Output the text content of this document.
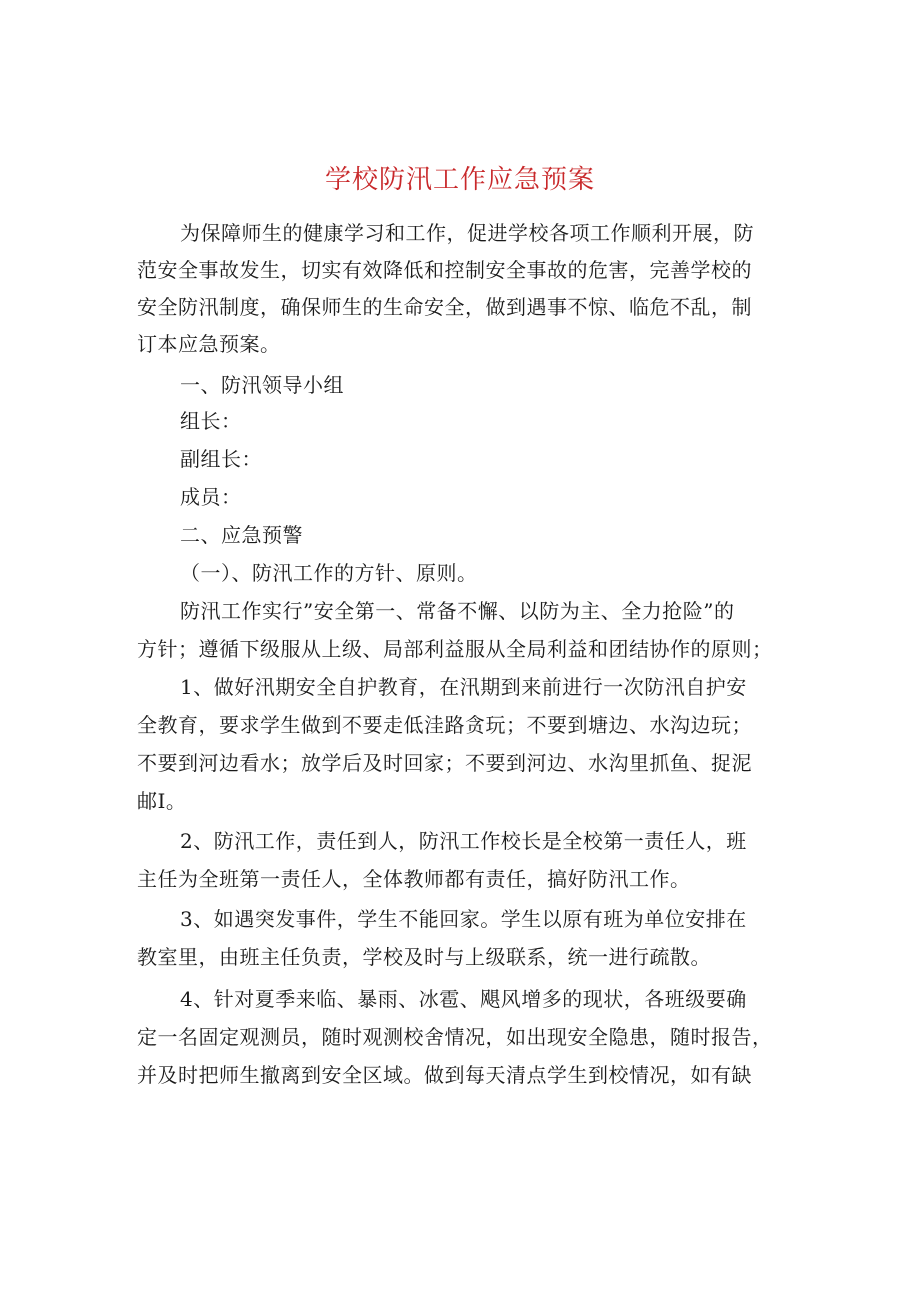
学校防汛工作应急预案
为保障师生的健康学习和工作，促进学校各项工作顺利开展，防
范安全事故发生，切实有效降低和控制安全事故的危害，完善学校的
安全防汛制度，确保师生的生命安全，做到遇事不惊、临危不乱，制
订本应急预案。
一、防汛领导小组
组长：
副组长：
成员：
二、应急预警
（一）、防汛工作的方针、原则。
防汛工作实行”安全第一、常备不懈、以防为主、全力抢险”的
方针；遵循下级服从上级、局部利益服从全局利益和团结协作的原则；
1、做好汛期安全自护教育，在汛期到来前进行一次防汛自护安
全教育，要求学生做到不要走低洼路贪玩；不要到塘边、水沟边玩；
不要到河边看水；放学后及时回家；不要到河边、水沟里抓鱼、捉泥
邮I。
2、防汛工作，责任到人，防汛工作校长是全校第一责任人，班
主任为全班第一责任人，全体教师都有责任，搞好防汛工作。
3、如遇突发事件，学生不能回家。学生以原有班为单位安排在
教室里，由班主任负责，学校及时与上级联系，统一进行疏散。
4、针对夏季来临、暴雨、冰雹、飓风增多的现状，各班级要确
定一名固定观测员，随时观测校舍情况，如出现安全隐患，随时报告，
并及时把师生撤离到安全区域。做到每天清点学生到校情况，如有缺
